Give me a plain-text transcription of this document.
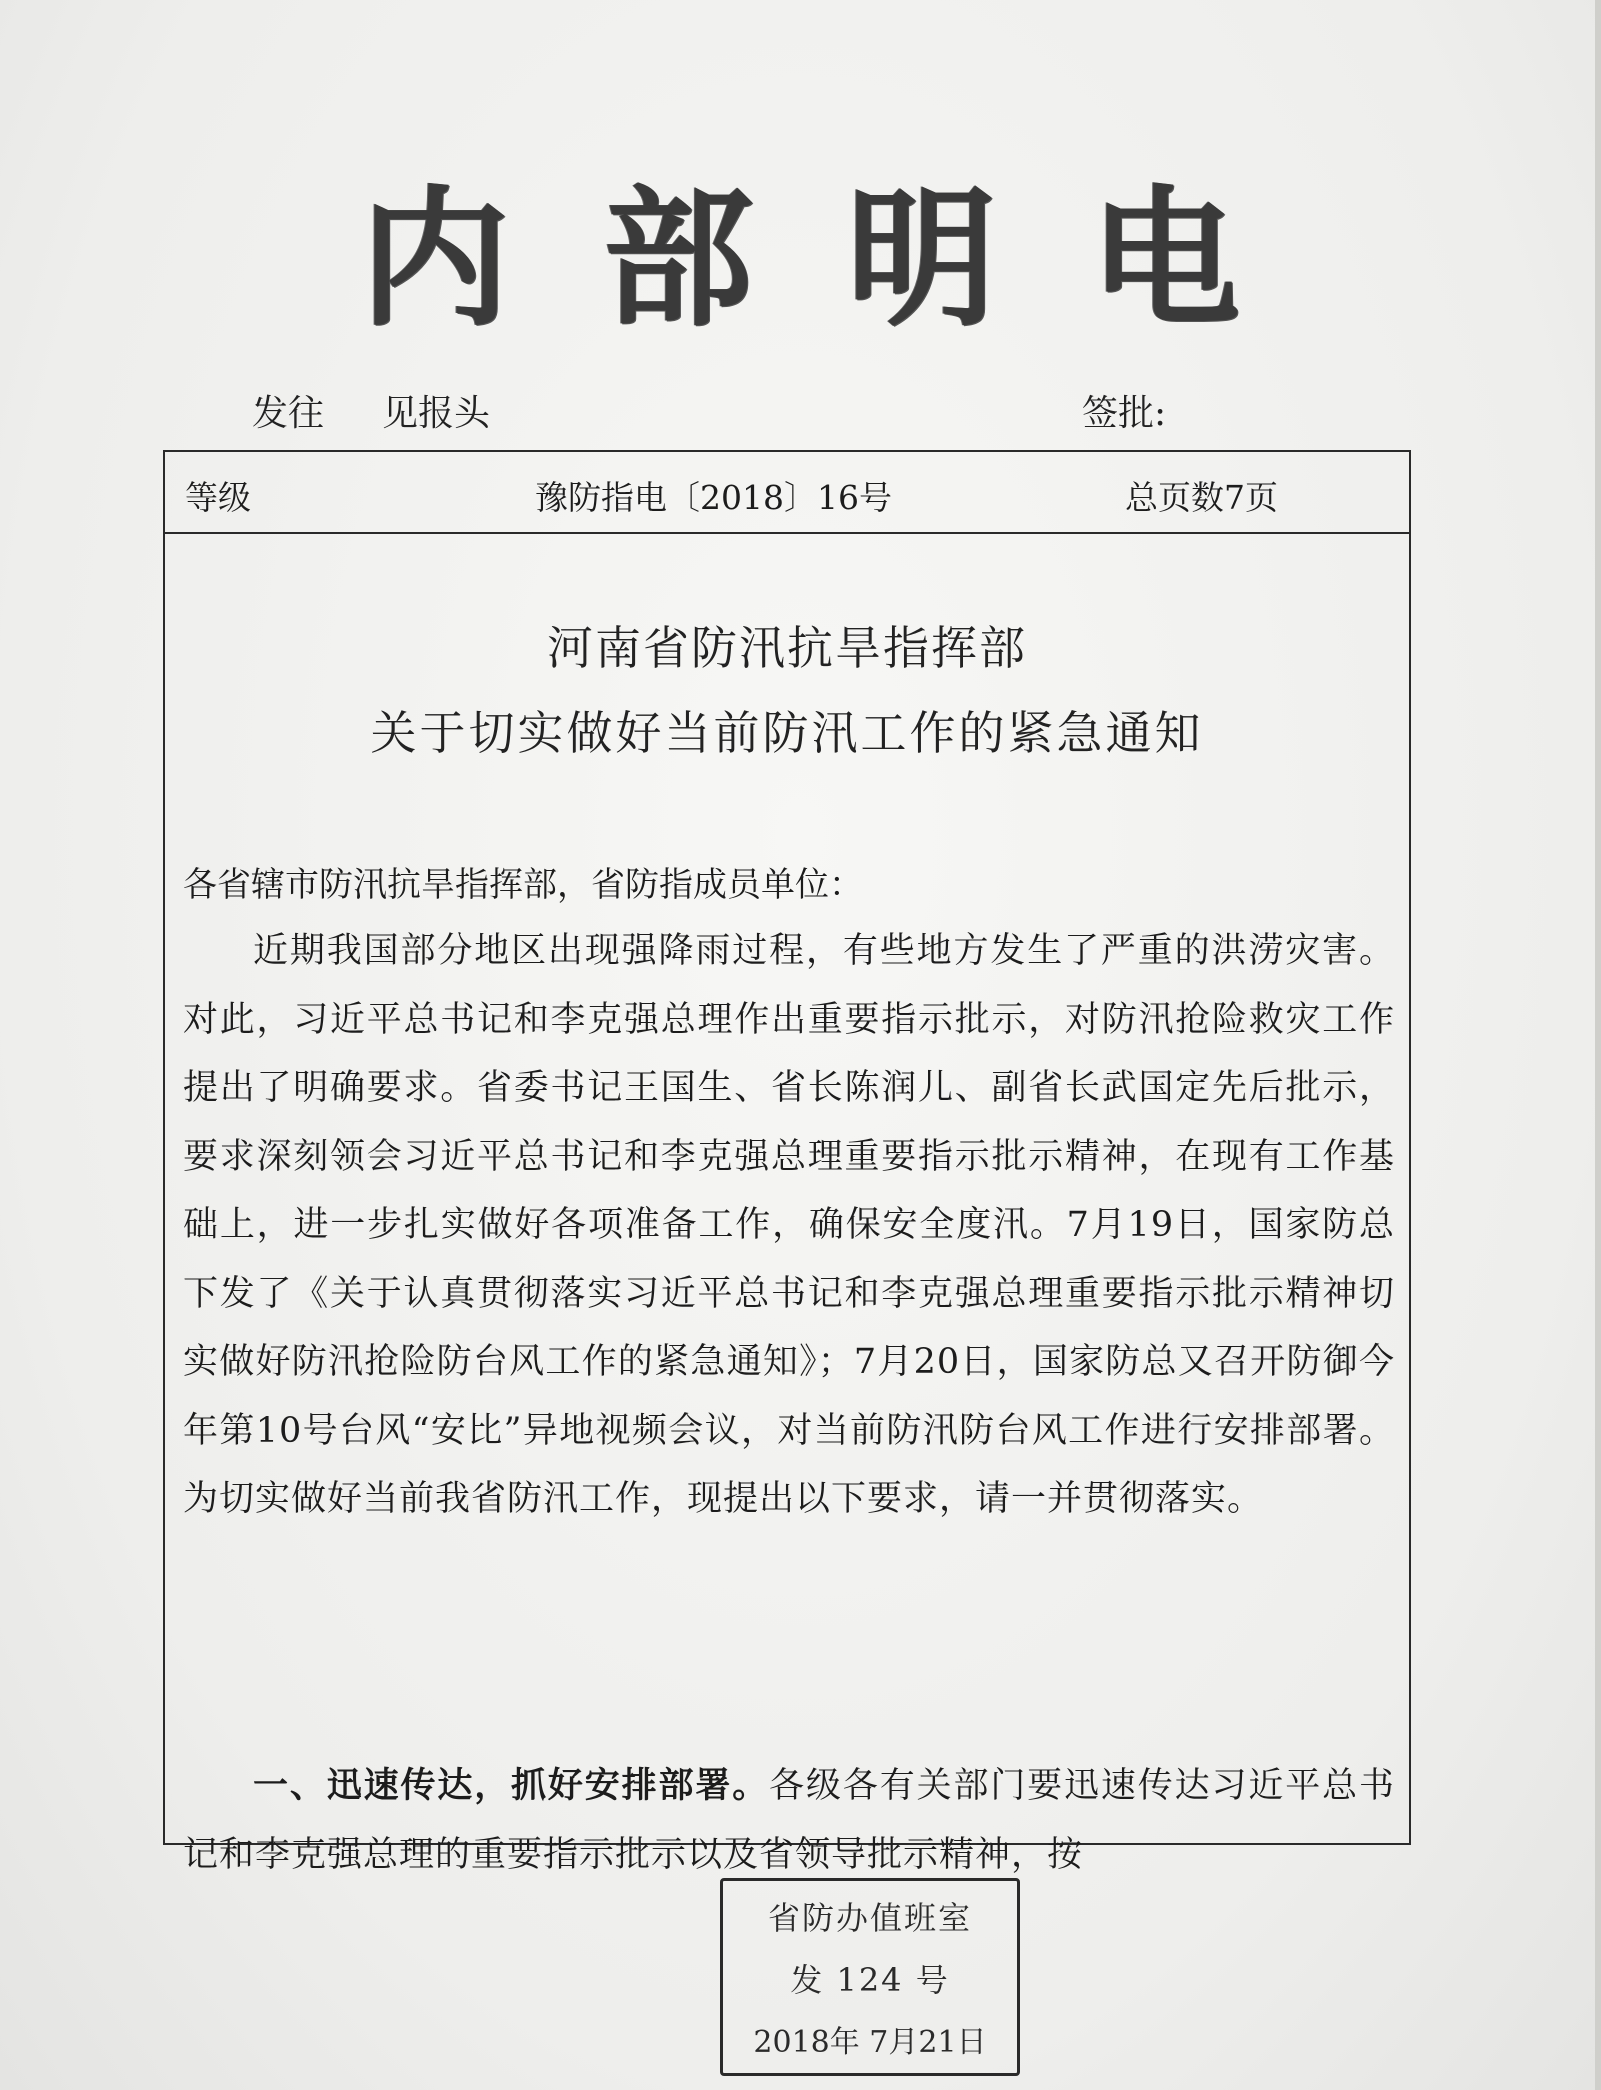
内 部 明 电
发往 见报头	签批:
等级	豫防指电〔2018〕16号	总页数7页
河南省防汛抗旱指挥部
关于切实做好当前防汛工作的紧急通知
各省辖市防汛抗旱指挥部，省防指成员单位：
近期我国部分地区出现强降雨过程，有些地方发生了严重的洪涝灾害。对此，习近平总书记和李克强总理作出重要指示批示，对防汛抢险救灾工作提出了明确要求。省委书记王国生、省长陈润儿、副省长武国定先后批示，要求深刻领会习近平总书记和李克强总理重要指示批示精神，在现有工作基础上，进一步扎实做好各项准备工作，确保安全度汛。7月19日，国家防总下发了《关于认真贯彻落实习近平总书记和李克强总理重要指示批示精神切实做好防汛抢险防台风工作的紧急通知》；7月20日，国家防总又召开防御今年第10号台风“安比”异地视频会议，对当前防汛防台风工作进行安排部署。为切实做好当前我省防汛工作，现提出以下要求，请一并贯彻落实。
一、迅速传达，抓好安排部署。各级各有关部门要迅速传达习近平总书记和李克强总理的重要指示批示以及省领导批示精神，按
省防办值班室
发 124 号
2018年 7月21日
